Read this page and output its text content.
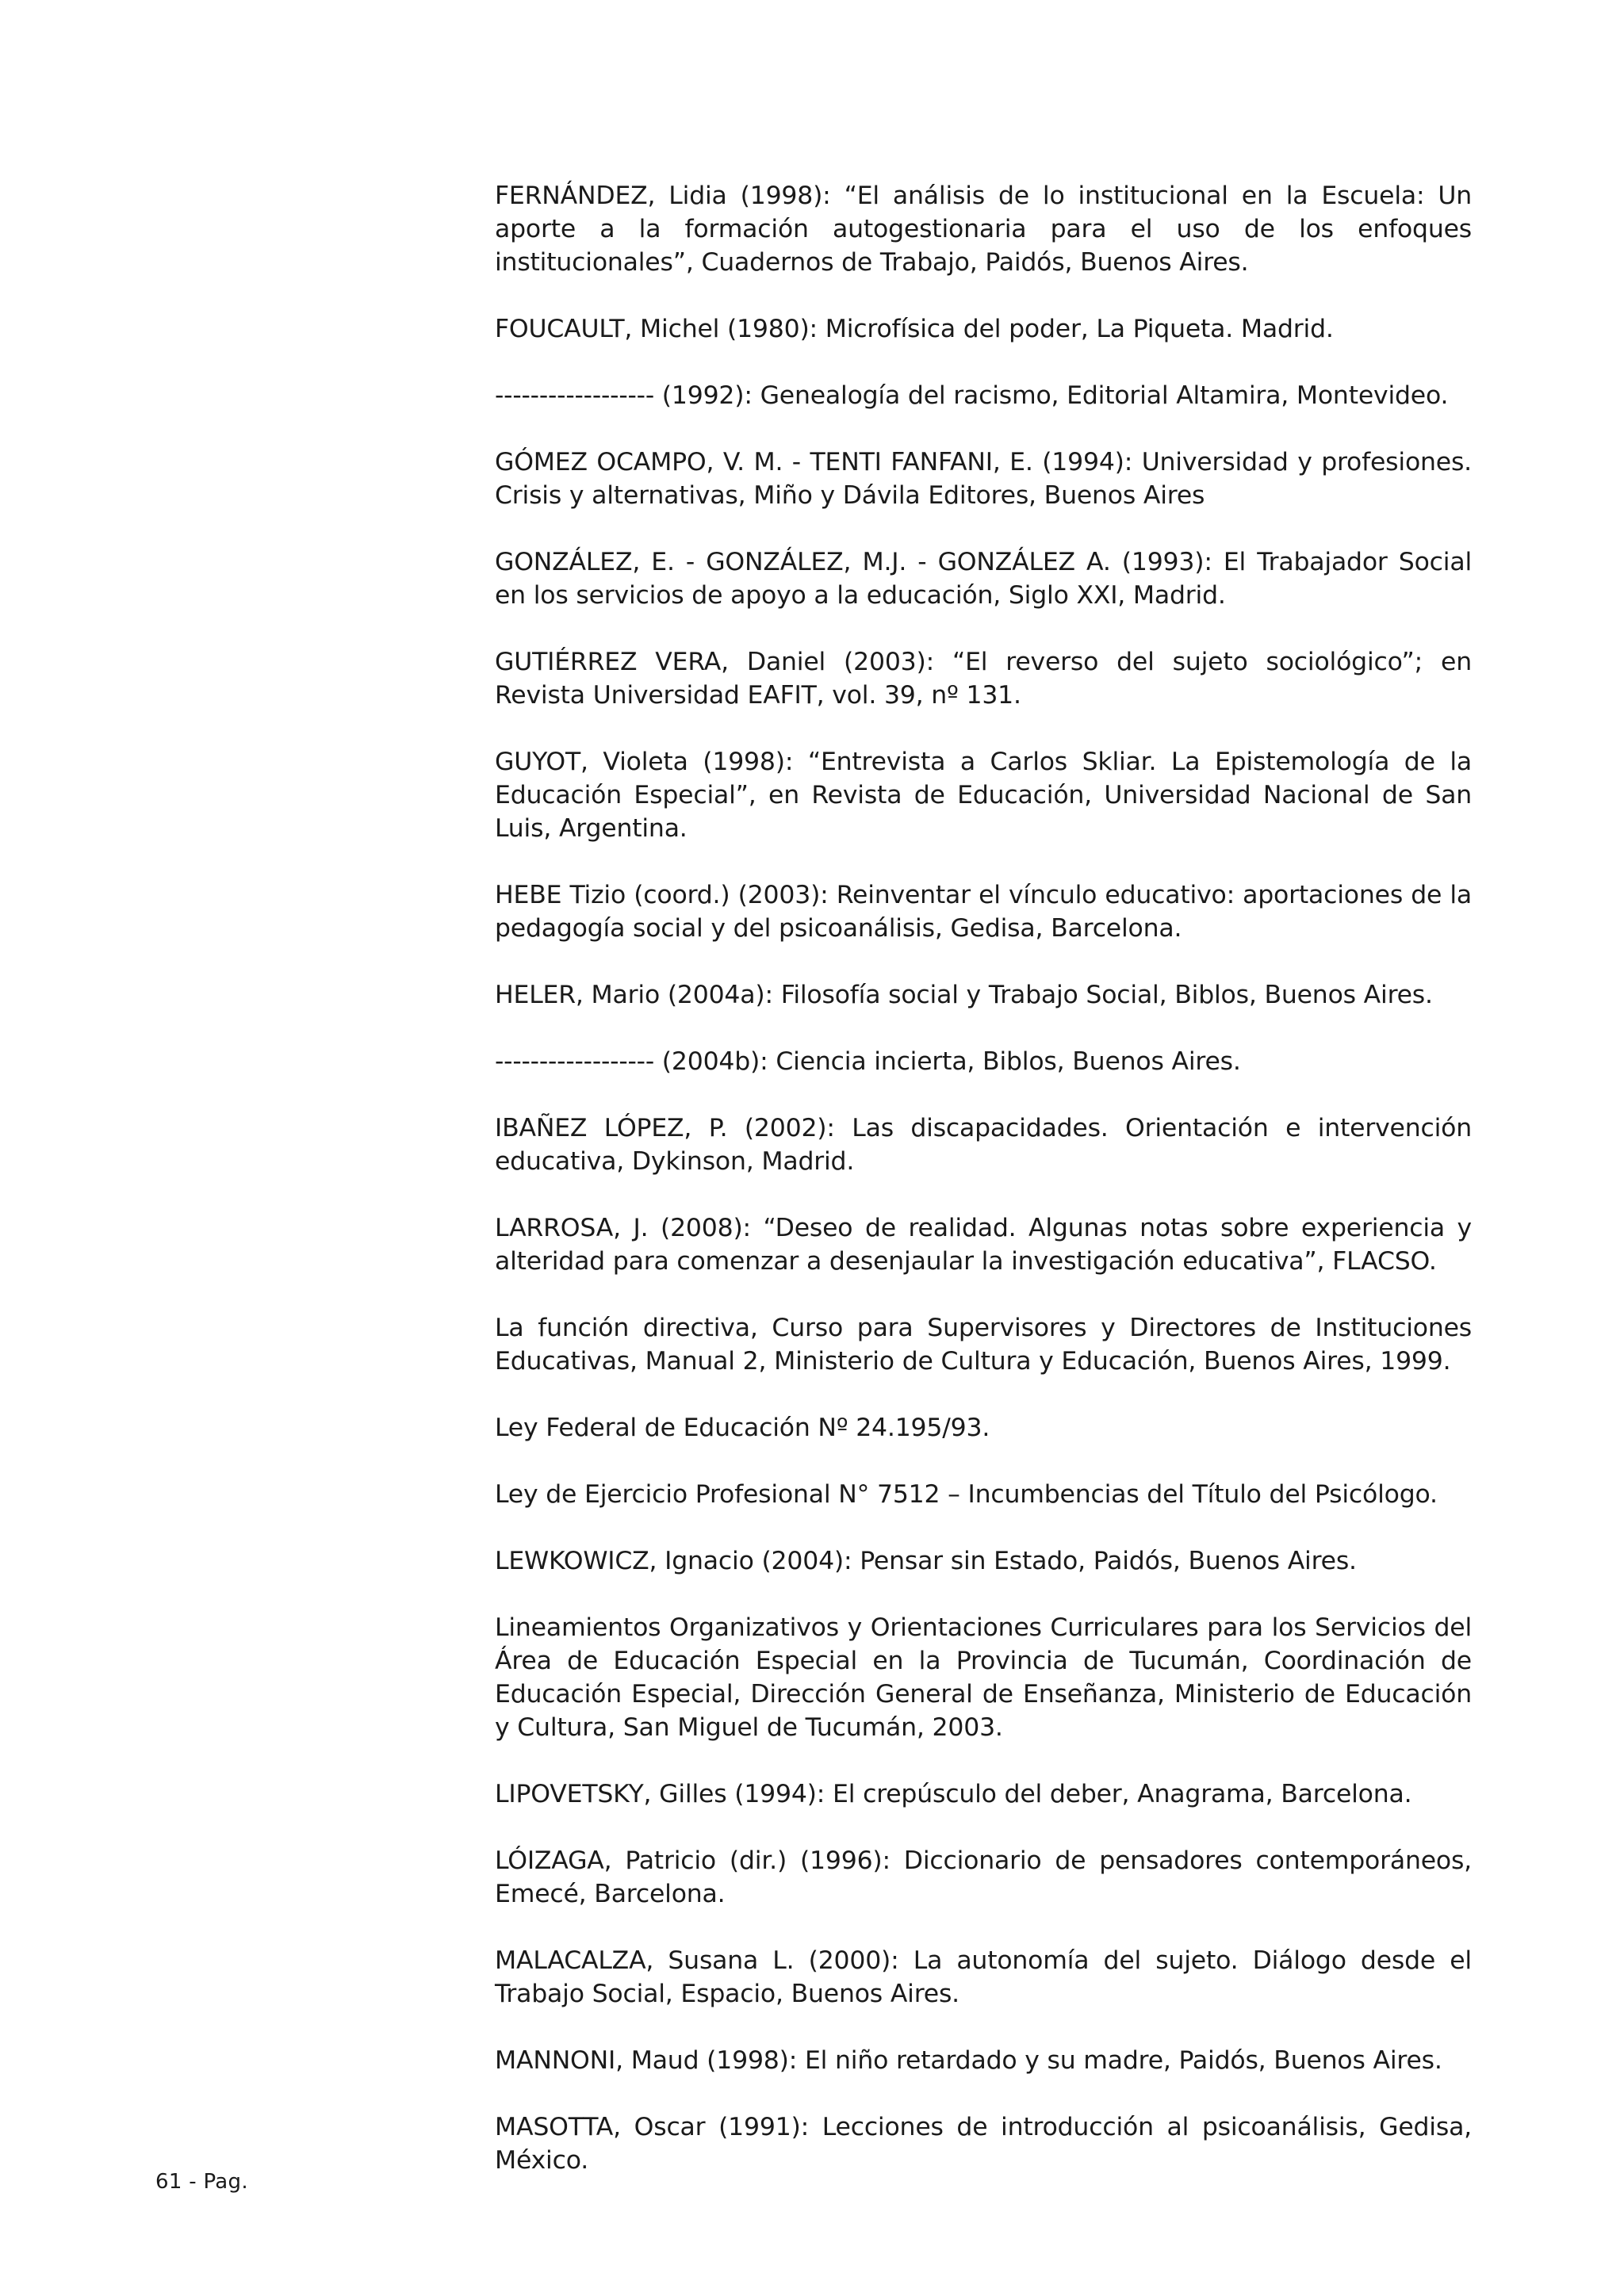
FERNÁNDEZ, Lidia (1998): “El análisis de lo institucional en la Escuela: Un aporte a la formación autogestionaria para el uso de los enfoques institucionales”, Cuadernos de Trabajo, Paidós, Buenos Aires.
FOUCAULT, Michel (1980): Microfísica del poder, La Piqueta. Madrid.
------------------ (1992): Genealogía del racismo, Editorial Altamira, Montevideo.
GÓMEZ OCAMPO, V. M. - TENTI FANFANI, E. (1994): Universidad y profesiones. Crisis y alternativas, Miño y Dávila Editores, Buenos Aires
GONZÁLEZ, E. - GONZÁLEZ, M.J. - GONZÁLEZ A. (1993): El Trabajador Social en los servicios de apoyo a la educación, Siglo XXI, Madrid.
GUTIÉRREZ VERA, Daniel (2003): “El reverso del sujeto sociológico”; en Revista Universidad EAFIT, vol. 39, nº 131.
GUYOT, Violeta (1998): “Entrevista a Carlos Skliar. La Epistemología de la Educación Especial”, en Revista de Educación, Universidad Nacional de San Luis, Argentina.
HEBE Tizio (coord.) (2003): Reinventar el vínculo educativo: aportaciones de la pedagogía social y del psicoanálisis, Gedisa, Barcelona.
HELER, Mario (2004a): Filosofía social y Trabajo Social, Biblos, Buenos Aires.
------------------ (2004b): Ciencia incierta, Biblos, Buenos Aires.
IBAÑEZ LÓPEZ, P. (2002): Las discapacidades. Orientación e intervención educativa, Dykinson, Madrid.
LARROSA, J. (2008): “Deseo de realidad. Algunas notas sobre experiencia y alteridad para comenzar a desenjaular la investigación educativa”, FLACSO.
La función directiva, Curso para Supervisores y Directores de Instituciones Educativas, Manual 2, Ministerio de Cultura y Educación, Buenos Aires, 1999.
Ley Federal de Educación Nº 24.195/93.
Ley de Ejercicio Profesional N° 7512 – Incumbencias del Título del Psicólogo.
LEWKOWICZ, Ignacio (2004): Pensar sin Estado, Paidós, Buenos Aires.
Lineamientos Organizativos y Orientaciones Curriculares para los Servicios del Área de Educación Especial en la Provincia de Tucumán, Coordinación de Educación Especial, Dirección General de Enseñanza, Ministerio de Educación y Cultura, San Miguel de Tucumán, 2003.
LIPOVETSKY, Gilles (1994): El crepúsculo del deber, Anagrama, Barcelona.
LÓIZAGA, Patricio (dir.) (1996): Diccionario de pensadores contemporáneos, Emecé, Barcelona.
MALACALZA, Susana L. (2000): La autonomía del sujeto. Diálogo desde el Trabajo Social, Espacio, Buenos Aires.
MANNONI, Maud (1998): El niño retardado y su madre, Paidós, Buenos Aires.
MASOTTA, Oscar (1991): Lecciones de introducción al psicoanálisis, Gedisa, México.
61 - Pag.
